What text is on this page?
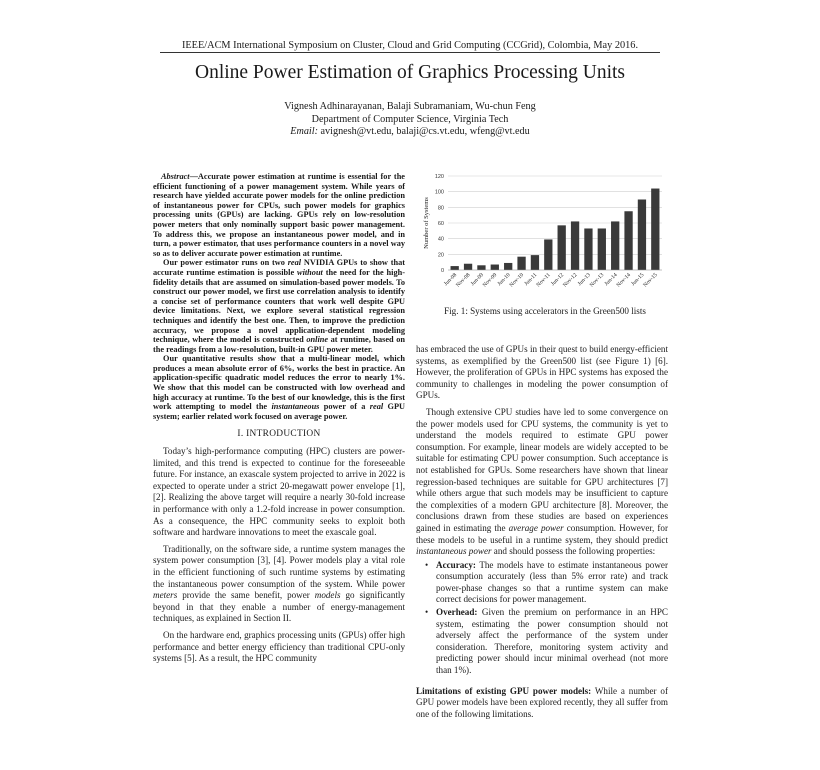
IEEE/ACM International Symposium on Cluster, Cloud and Grid Computing (CCGrid), Colombia, May 2016.
Online Power Estimation of Graphics Processing Units
Vignesh Adhinarayanan, Balaji Subramaniam, Wu-chun Feng
Department of Computer Science, Virginia Tech
Email: avignesh@vt.edu, balaji@cs.vt.edu, wfeng@vt.edu

Abstract—Accurate power estimation at runtime is essential for the efficient functioning of a power management system. While years of research have yielded accurate power models for the online prediction of instantaneous power for CPUs, such power models for graphics processing units (GPUs) are lacking. GPUs rely on low-resolution power meters that only nominally support basic power management. To address this, we propose an instantaneous power model, and in turn, a power estimator, that uses performance counters in a novel way so as to deliver accurate power estimation at runtime.

Our power estimator runs on two real NVIDIA GPUs to show that accurate runtime estimation is possible without the need for the high-fidelity details that are assumed on simulation-based power models. To construct our power model, we first use correlation analysis to identify a concise set of performance counters that work well despite GPU device limitations. Next, we explore several statistical regression techniques and identify the best one. Then, to improve the prediction accuracy, we propose a novel application-dependent modeling technique, where the model is constructed online at runtime, based on the readings from a low-resolution, built-in GPU power meter.

Our quantitative results show that a multi-linear model, which produces a mean absolute error of 6%, works the best in practice. An application-specific quadratic model reduces the error to nearly 1%. We show that this model can be constructed with low overhead and high accuracy at runtime. To the best of our knowledge, this is the first work attempting to model the instantaneous power of a real GPU system; earlier related work focused on average power.

I. INTRODUCTION

Today’s high-performance computing (HPC) clusters are power-limited, and this trend is expected to continue for the foreseeable future. For instance, an exascale system projected to arrive in 2022 is expected to operate under a strict 20-megawatt power envelope [1], [2]. Realizing the above target will require a nearly 30-fold increase in performance with only a 1.2-fold increase in power consumption. As a consequence, the HPC community seeks to exploit both software and hardware innovations to meet the exascale goal.

Traditionally, on the software side, a runtime system manages the system power consumption [3], [4]. Power models play a vital role in the efficient functioning of such runtime systems by estimating the instantaneous power consumption of the system. While power meters provide the same benefit, power models go significantly beyond in that they enable a number of energy-management techniques, as explained in Section II.

On the hardware end, graphics processing units (GPUs) offer high performance and better energy efficiency than traditional CPU-only systems [5]. As a result, the HPC community

0
20
40
60
80
100
120
Number of Systems
Jun-08
Nov-08
Jun-09
Nov-09
Jun-10
Nov-10
Jun-11
Nov-11
Jun-12
Nov-12
Jun-13
Nov-13
Jun-14
Nov-14
Jun-15
Nov-15
Fig. 1: Systems using accelerators in the Green500 lists

has embraced the use of GPUs in their quest to build energy-efficient systems, as exemplified by the Green500 list (see Figure 1) [6]. However, the proliferation of GPUs in HPC systems has exposed the community to challenges in modeling the power consumption of GPUs.

Though extensive CPU studies have led to some convergence on the power models used for CPU systems, the community is yet to understand the models required to estimate GPU power consumption. For example, linear models are widely accepted to be suitable for estimating CPU power consumption. Such acceptance is not established for GPUs. Some researchers have shown that linear regression-based techniques are suitable for GPU architectures [7] while others argue that such models may be insufficient to capture the complexities of a modern GPU architecture [8]. Moreover, the conclusions drawn from these studies are based on experiences gained in estimating the average power consumption. However, for these models to be useful in a runtime system, they should predict instantaneous power and should possess the following properties:

• Accuracy: The models have to estimate instantaneous power consumption accurately (less than 5% error rate) and track power-phase changes so that a runtime system can make correct decisions for power management.
• Overhead: Given the premium on performance in an HPC system, estimating the power consumption should not adversely affect the performance of the system under consideration. Therefore, monitoring system activity and predicting power should incur minimal overhead (not more than 1%).

Limitations of existing GPU power models: While a number of GPU power models have been explored recently, they all suffer from one of the following limitations.
